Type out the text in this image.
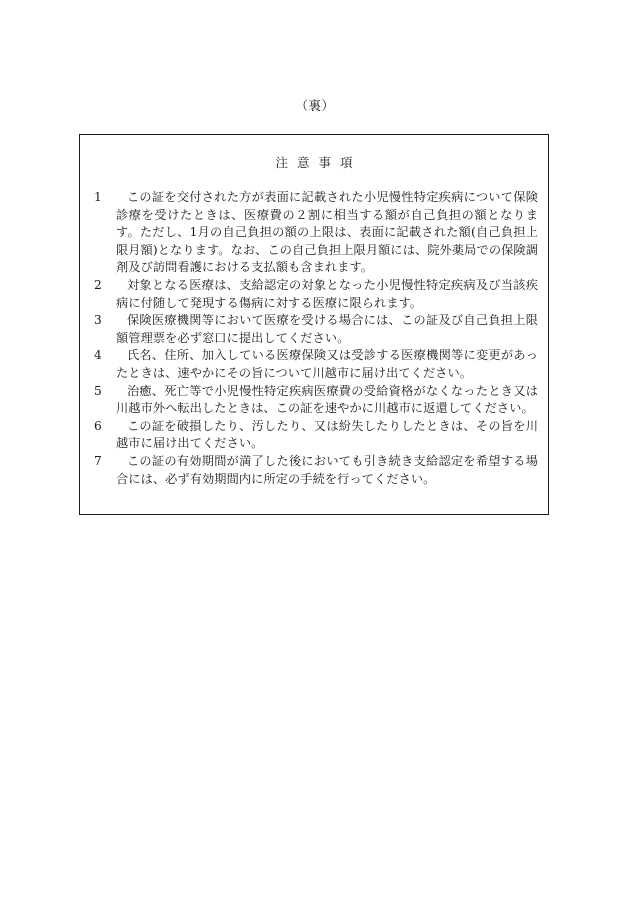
（裏）
注意事項
1	この証を交付された方が表面に記載された小児慢性特定疾病について保険診療を受けたときは、医療費の２割に相当する額が自己負担の額となります。ただし、1月の自己負担の額の上限は、表面に記載された額(自己負担上限月額)となります。なお、この自己負担上限月額には、院外薬局での保険調剤及び訪問看護における支払額も含まれます。
2	対象となる医療は、支給認定の対象となった小児慢性特定疾病及び当該疾病に付随して発現する傷病に対する医療に限られます。
3	保険医療機関等において医療を受ける場合には、この証及び自己負担上限額管理票を必ず窓口に提出してください。
4	氏名、住所、加入している医療保険又は受診する医療機関等に変更があったときは、速やかにその旨について川越市に届け出てください。
5	治癒、死亡等で小児慢性特定疾病医療費の受給資格がなくなったとき又は川越市外へ転出したときは、この証を速やかに川越市に返還してください。
6	この証を破損したり、汚したり、又は紛失したりしたときは、その旨を川越市に届け出てください。
7	この証の有効期間が満了した後においても引き続き支給認定を希望する場合には、必ず有効期間内に所定の手続を行ってください。
